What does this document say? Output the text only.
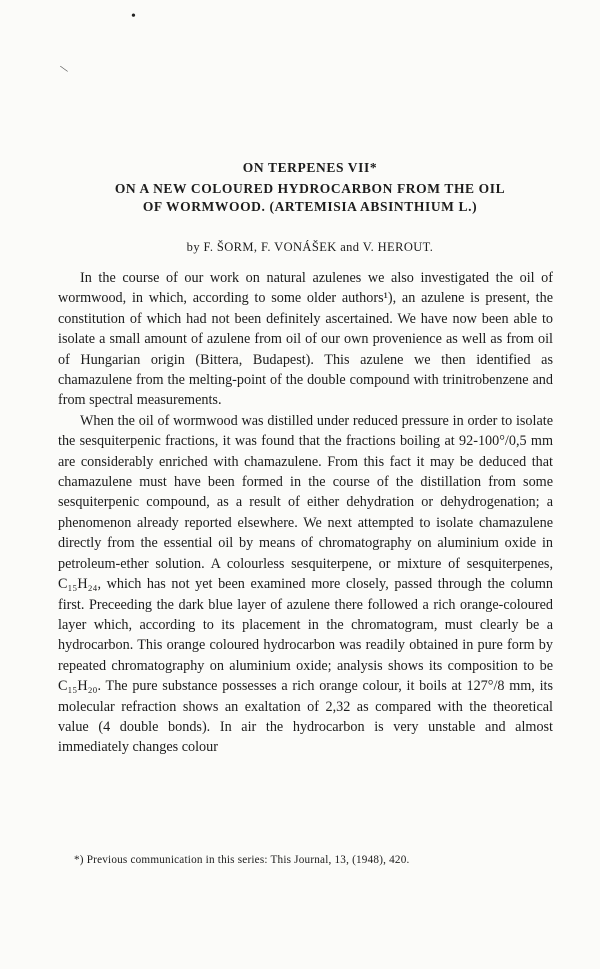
•
\

ON TERPENES VII*

ON A NEW COLOURED HYDROCARBON FROM THE OIL
OF WORMWOOD. (ARTEMISIA ABSINTHIUM L.)

by F. ŠORM, F. VONÁŠEK and V. HEROUT.

In the course of our work on natural azulenes we also investigated the oil of wormwood, in which, according to some older authors¹), an azulene is present, the constitution of which had not been definitely ascertained. We have now been able to isolate a small amount of azulene from oil of our own provenience as well as from oil of Hungarian origin (Bittera, Budapest). This azulene we then identified as chamazulene from the melting-point of the double compound with trinitrobenzene and from spectral measurements.

When the oil of wormwood was distilled under reduced pressure in order to isolate the sesquiterpenic fractions, it was found that the fractions boiling at 92-100°/0,5 mm are considerably enriched with chamazulene. From this fact it may be deduced that chamazulene must have been formed in the course of the distillation from some sesquiterpenic compound, as a result of either dehydration or dehydrogenation; a phenomenon already reported elsewhere. We next attempted to isolate chamazulene directly from the essential oil by means of chromatography on aluminium oxide in petroleum-ether solution. A colourless sesquiterpene, or mixture of sesquiterpenes, C₁₅H₂₄, which has not yet been examined more closely, passed through the column first. Preceeding the dark blue layer of azulene there followed a rich orange-coloured layer which, according to its placement in the chromatogram, must clearly be a hydrocarbon. This orange coloured hydrocarbon was readily obtained in pure form by repeated chromatography on aluminium oxide; analysis shows its composition to be C₁₅H₂₀. The pure substance possesses a rich orange colour, it boils at 127°/8 mm, its molecular refraction shows an exaltation of 2,32 as compared with the theoretical value (4 double bonds). In air the hydrocarbon is very unstable and almost immediately changes colour

*) Previous communication in this series: This Journal, 13, (1948), 420.
